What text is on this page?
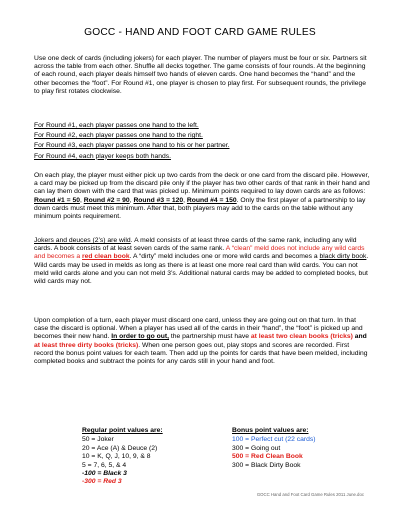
GOCC - HAND AND FOOT CARD GAME RULES

Use one deck of cards (including jokers) for each player. The number of players must be four or six. Partners sit across the table from each other. Shuffle all decks together. The game consists of four rounds. At the beginning of each round, each player deals himself two hands of eleven cards. One hand becomes the “hand” and the other becomes the “foot”. For Round #1, one player is chosen to play first. For subsequent rounds, the privilege to play first rotates clockwise.

For Round #1, each player passes one hand to the left.
For Round #2, each player passes one hand to the right.
For Round #3, each player passes one hand to his or her partner.
For Round #4, each player keeps both hands.

On each play, the player must either pick up two cards from the deck or one card from the discard pile. However, a card may be picked up from the discard pile only if the player has two other cards of that rank in their hand and can lay them down with the card that was picked up. Minimum points required to lay down cards are as follows: Round #1 = 50, Round #2 = 90, Round #3 = 120, Round #4 = 150. Only the first player of a partnership to lay down cards must meet this minimum. After that, both players may add to the cards on the table without any minimum points requirement.

Jokers and deuces (2’s) are wild. A meld consists of at least three cards of the same rank, including any wild cards. A book consists of at least seven cards of the same rank. A “clean” meld does not include any wild cards and becomes a red clean book. A “dirty” meld includes one or more wild cards and becomes a black dirty book. Wild cards may be used in melds as long as there is at least one more real card than wild cards. You can not meld wild cards alone and you can not meld 3’s. Additional natural cards may be added to completed books, but wild cards may not.

Upon completion of a turn, each player must discard one card, unless they are going out on that turn. In that case the discard is optional. When a player has used all of the cards in their “hand”, the “foot” is picked up and becomes their new hand. In order to go out, the partnership must have at least two clean books (tricks) and at least three dirty books (tricks). When one person goes out, play stops and scores are recorded. First record the bonus point values for each team. Then add up the points for cards that have been melded, including completed books and subtract the points for any cards still in your hand and foot.

Regular point values are:
50 = Joker
20 = Ace (A) & Deuce (2)
10 = K, Q, J, 10, 9, & 8
5 = 7, 6, 5, & 4
-100 = Black 3
-300 = Red 3
Bonus point values are:
100 = Perfect cut (22 cards)
300 = Going out
500 = Red Clean Book
300 = Black Dirty Book
GOCC Hand and Foot Card Game Rules 2011 June.doc
